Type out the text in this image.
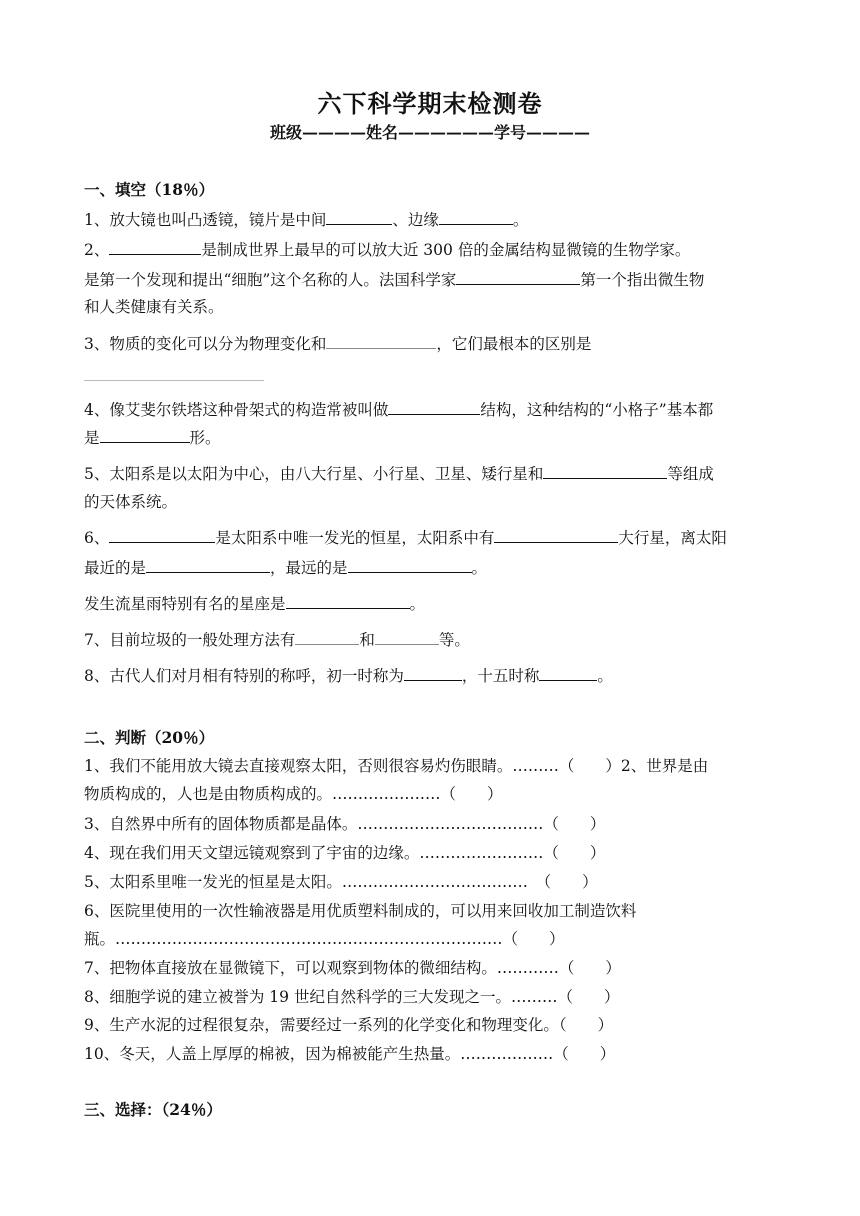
六下科学期末检测卷
班级————姓名——————学号————
一、填空（18％）
1、放大镜也叫凸透镜，镜片是中间	、边缘	。
2、	是制成世界上最早的可以放大近 300 倍的金属结构显微镜的生物学家。
是第一个发现和提出“细胞”这个名称的人。法国科学家	第一个指出微生物
和人类健康有关系。
3、物质的变化可以分为物理变化和	，它们最根本的区别是
4、像艾斐尔铁塔这种骨架式的构造常被叫做	结构，这种结构的“小格子”基本都
是	形。
5、太阳系是以太阳为中心，由八大行星、小行星、卫星、矮行星和	等组成
的天体系统。
6、	是太阳系中唯一发光的恒星，太阳系中有	大行星，离太阳
最近的是	，最远的是	。
发生流星雨特别有名的星座是	。
7、目前垃圾的一般处理方法有	和	等。
8、古代人们对月相有特别的称呼，初一时称为	，十五时称	。
二、判断（20％）
1、我们不能用放大镜去直接观察太阳，否则很容易灼伤眼睛。………（　　）2、世界是由
物质构成的，人也是由物质构成的。…………………（　　）
3、自然界中所有的固体物质都是晶体。………………………………（　　）
4、现在我们用天文望远镜观察到了宇宙的边缘。……………………（　　）
5、太阳系里唯一发光的恒星是太阳。………………………………　（　　）
6、医院里使用的一次性输液器是用优质塑料制成的，可以用来回收加工制造饮料
瓶。…………………………………………………………………（　　）
7、把物体直接放在显微镜下，可以观察到物体的微细结构。…………（　　）
8、细胞学说的建立被誉为 19 世纪自然科学的三大发现之一。………（　　）
9、生产水泥的过程很复杂，需要经过一系列的化学变化和物理变化。（　　）
10、冬天，人盖上厚厚的棉被，因为棉被能产生热量。………………（　　）
三、选择：（24％）
